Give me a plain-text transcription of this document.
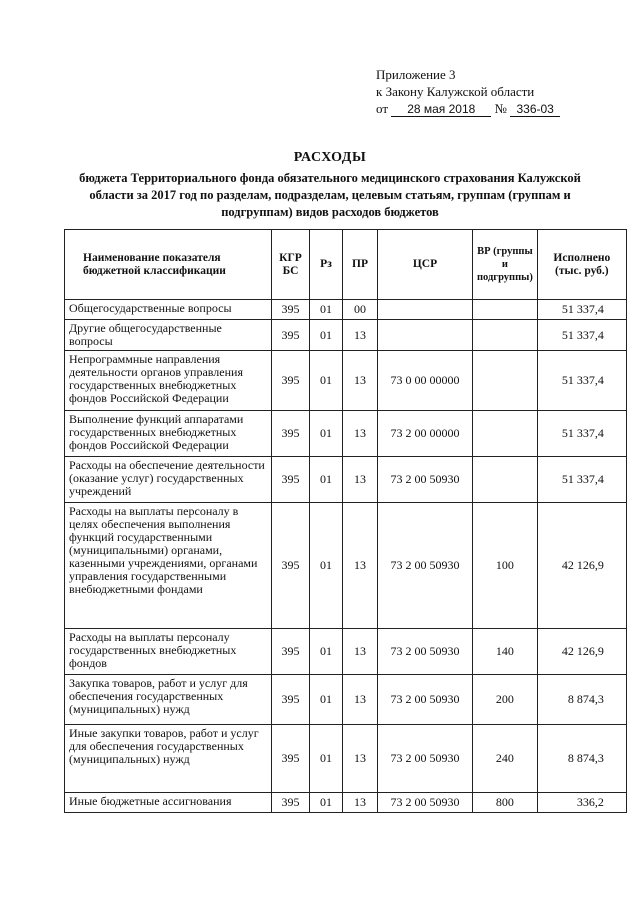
Приложение 3
к Закону Калужской области
от 28 мая 2018 № 336-03
РАСХОДЫ
бюджета Территориального фонда обязательного медицинского страхования Калужской области за 2017 год по разделам, подразделам, целевым статьям, группам (группам и подгруппам) видов расходов бюджетов
Наименование показателя бюджетной классификации	КГР БС	Рз	ПР	ЦСР	ВР (группы и подгруппы)	Исполнено (тыс. руб.)
Общегосударственные вопросы	395	01	00			51 337,4
Другие общегосударственные вопросы	395	01	13			51 337,4
Непрограммные направления деятельности органов управления государственных внебюджетных фондов Российской Федерации	395	01	13	73 0 00 00000		51 337,4
Выполнение функций аппаратами государственных внебюджетных фондов Российской Федерации	395	01	13	73 2 00 00000		51 337,4
Расходы на обеспечение деятельности (оказание услуг) государственных учреждений	395	01	13	73 2 00 50930		51 337,4
Расходы на выплаты персоналу в целях обеспечения выполнения функций государственными (муниципальными) органами, казенными учреждениями, органами управления государственными внебюджетными фондами	395	01	13	73 2 00 50930	100	42 126,9
Расходы на выплаты персоналу государственных внебюджетных фондов	395	01	13	73 2 00 50930	140	42 126,9
Закупка товаров, работ и услуг для обеспечения государственных (муниципальных) нужд	395	01	13	73 2 00 50930	200	8 874,3
Иные закупки товаров, работ и услуг для обеспечения государственных (муниципальных) нужд	395	01	13	73 2 00 50930	240	8 874,3
Иные бюджетные ассигнования	395	01	13	73 2 00 50930	800	336,2
